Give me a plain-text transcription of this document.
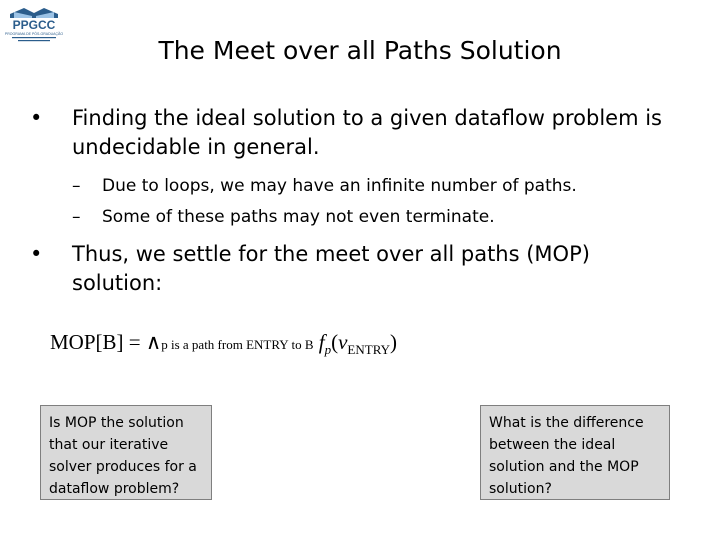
PPGCC
PROGRAMA DE PÓS-GRADUAÇÃO
The Meet over all Paths Solution
• Finding the ideal solution to a given dataflow problem is undecidable in general.
– Due to loops, we may have an infinite number of paths.
– Some of these paths may not even terminate.
• Thus, we settle for the meet over all paths (MOP) solution:
MOP[B] = ∧p is a path from ENTRY to B $f_p(v_{ENTRY})$
Is MOP the solution that our iterative solver produces for a dataflow problem?
What is the difference between the ideal solution and the MOP solution?
